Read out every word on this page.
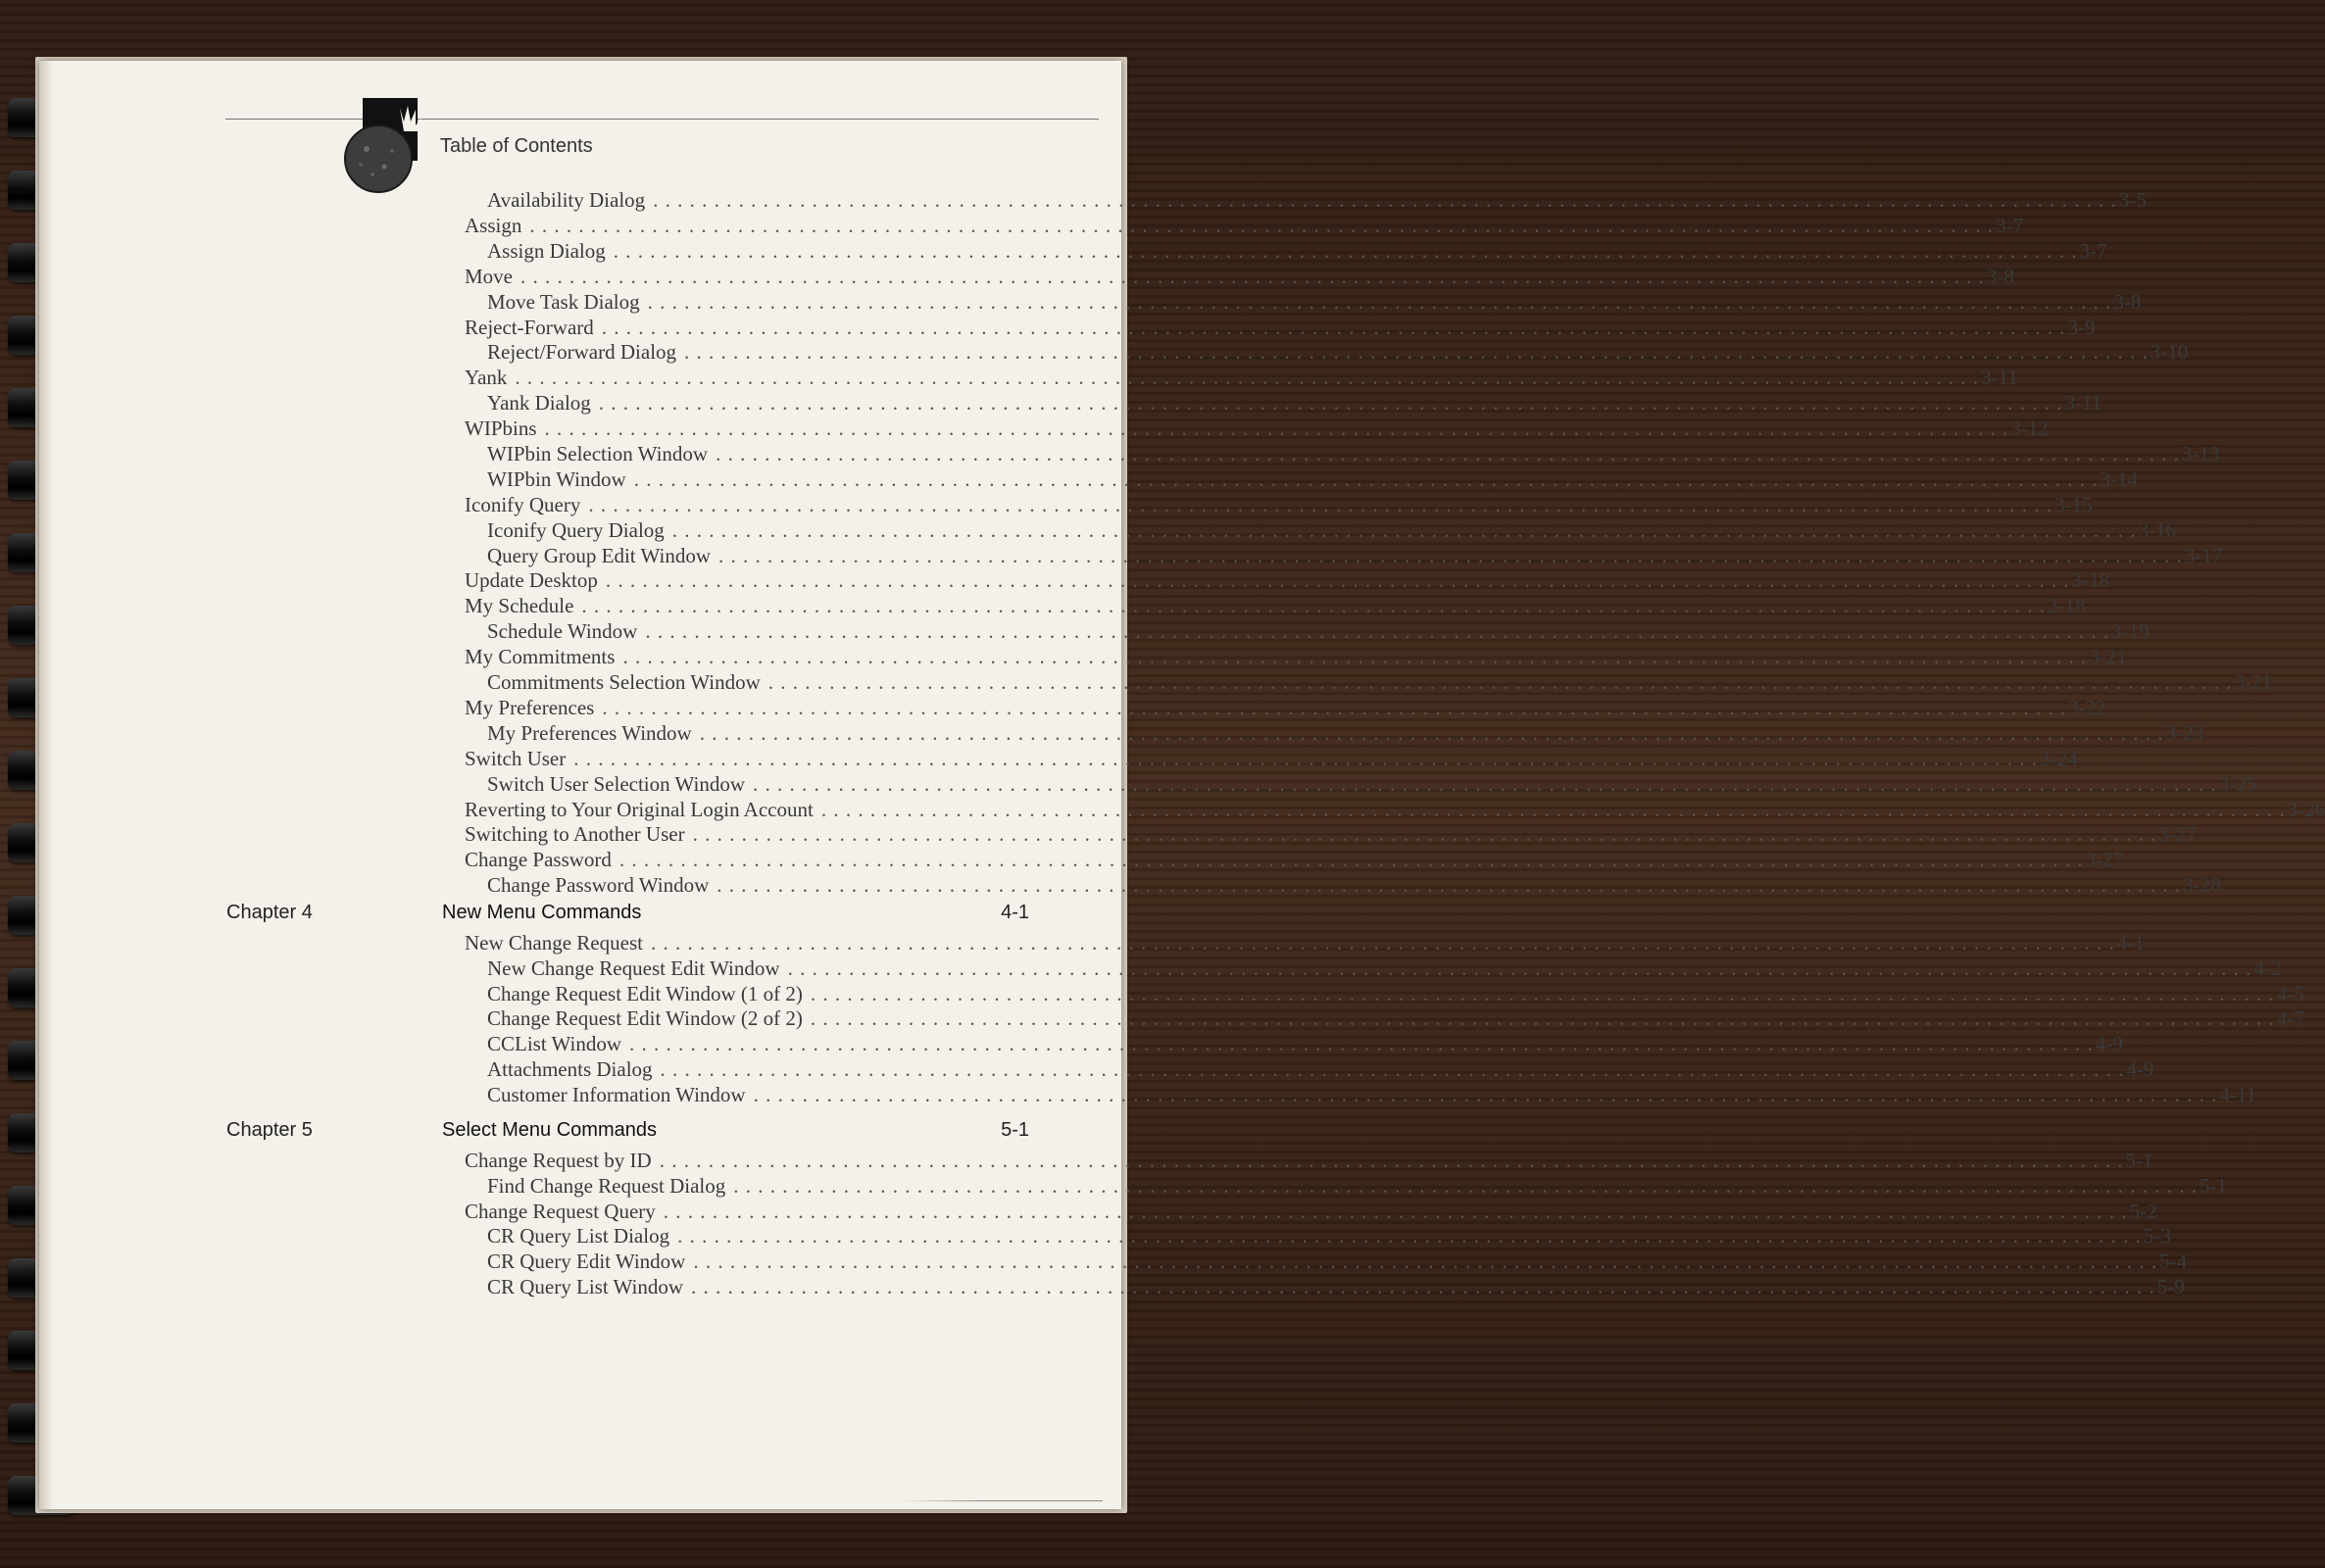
Table of Contents
Availability Dialog . . . . . . . . . . . . . . . . . . . . . . . . . . . . . . . . . . . . . . . . . . . . . . . . . . . . . . . . . . . . . . . . . . . . . . . . . . . . . . . . . . . . . . . . . . . . . . . . . . . . . . . . . . . . . . . . . . . . . . . . 3-5
Assign . . . . . . . . . . . . . . . . . . . . . . . . . . . . . . . . . . . . . . . . . . . . . . . . . . . . . . . . . . . . . . . . . . . . . . . . . . . . . . . . . . . . . . . . . . . . . . . . . . . . . . . . . . . . . . . . . . . . . . . . 3-7
Assign Dialog . . . . . . . . . . . . . . . . . . . . . . . . . . . . . . . . . . . . . . . . . . . . . . . . . . . . . . . . . . . . . . . . . . . . . . . . . . . . . . . . . . . . . . . . . . . . . . . . . . . . . . . . . . . . . . . . . . . . . . . . 3-7
Move . . . . . . . . . . . . . . . . . . . . . . . . . . . . . . . . . . . . . . . . . . . . . . . . . . . . . . . . . . . . . . . . . . . . . . . . . . . . . . . . . . . . . . . . . . . . . . . . . . . . . . . . . . . . . . . . . . . . . . . . 3-8
Move Task Dialog . . . . . . . . . . . . . . . . . . . . . . . . . . . . . . . . . . . . . . . . . . . . . . . . . . . . . . . . . . . . . . . . . . . . . . . . . . . . . . . . . . . . . . . . . . . . . . . . . . . . . . . . . . . . . . . . . . . . . . . . 3-8
Reject-Forward . . . . . . . . . . . . . . . . . . . . . . . . . . . . . . . . . . . . . . . . . . . . . . . . . . . . . . . . . . . . . . . . . . . . . . . . . . . . . . . . . . . . . . . . . . . . . . . . . . . . . . . . . . . . . . . . . . . . . . . . 3-9
Reject/Forward Dialog . . . . . . . . . . . . . . . . . . . . . . . . . . . . . . . . . . . . . . . . . . . . . . . . . . . . . . . . . . . . . . . . . . . . . . . . . . . . . . . . . . . . . . . . . . . . . . . . . . . . . . . . . . . . . . . . . . . . . . . . 3-10
Yank . . . . . . . . . . . . . . . . . . . . . . . . . . . . . . . . . . . . . . . . . . . . . . . . . . . . . . . . . . . . . . . . . . . . . . . . . . . . . . . . . . . . . . . . . . . . . . . . . . . . . . . . . . . . . . . . . . . . . . . . 3-11
Yank Dialog . . . . . . . . . . . . . . . . . . . . . . . . . . . . . . . . . . . . . . . . . . . . . . . . . . . . . . . . . . . . . . . . . . . . . . . . . . . . . . . . . . . . . . . . . . . . . . . . . . . . . . . . . . . . . . . . . . . . . . . . 3-11
WIPbins . . . . . . . . . . . . . . . . . . . . . . . . . . . . . . . . . . . . . . . . . . . . . . . . . . . . . . . . . . . . . . . . . . . . . . . . . . . . . . . . . . . . . . . . . . . . . . . . . . . . . . . . . . . . . . . . . . . . . . . . 3-12
WIPbin Selection Window . . . . . . . . . . . . . . . . . . . . . . . . . . . . . . . . . . . . . . . . . . . . . . . . . . . . . . . . . . . . . . . . . . . . . . . . . . . . . . . . . . . . . . . . . . . . . . . . . . . . . . . . . . . . . . . . . . . . . . . . 3-13
WIPbin Window . . . . . . . . . . . . . . . . . . . . . . . . . . . . . . . . . . . . . . . . . . . . . . . . . . . . . . . . . . . . . . . . . . . . . . . . . . . . . . . . . . . . . . . . . . . . . . . . . . . . . . . . . . . . . . . . . . . . . . . . 3-14
Iconify Query . . . . . . . . . . . . . . . . . . . . . . . . . . . . . . . . . . . . . . . . . . . . . . . . . . . . . . . . . . . . . . . . . . . . . . . . . . . . . . . . . . . . . . . . . . . . . . . . . . . . . . . . . . . . . . . . . . . . . . . . 3-15
Iconify Query Dialog . . . . . . . . . . . . . . . . . . . . . . . . . . . . . . . . . . . . . . . . . . . . . . . . . . . . . . . . . . . . . . . . . . . . . . . . . . . . . . . . . . . . . . . . . . . . . . . . . . . . . . . . . . . . . . . . . . . . . . . . 3-16
Query Group Edit Window . . . . . . . . . . . . . . . . . . . . . . . . . . . . . . . . . . . . . . . . . . . . . . . . . . . . . . . . . . . . . . . . . . . . . . . . . . . . . . . . . . . . . . . . . . . . . . . . . . . . . . . . . . . . . . . . . . . . . . . . 3-17
Update Desktop . . . . . . . . . . . . . . . . . . . . . . . . . . . . . . . . . . . . . . . . . . . . . . . . . . . . . . . . . . . . . . . . . . . . . . . . . . . . . . . . . . . . . . . . . . . . . . . . . . . . . . . . . . . . . . . . . . . . . . . . 3-18
My Schedule . . . . . . . . . . . . . . . . . . . . . . . . . . . . . . . . . . . . . . . . . . . . . . . . . . . . . . . . . . . . . . . . . . . . . . . . . . . . . . . . . . . . . . . . . . . . . . . . . . . . . . . . . . . . . . . . . . . . . . . . 3-18
Schedule Window . . . . . . . . . . . . . . . . . . . . . . . . . . . . . . . . . . . . . . . . . . . . . . . . . . . . . . . . . . . . . . . . . . . . . . . . . . . . . . . . . . . . . . . . . . . . . . . . . . . . . . . . . . . . . . . . . . . . . . . . 3-19
My Commitments . . . . . . . . . . . . . . . . . . . . . . . . . . . . . . . . . . . . . . . . . . . . . . . . . . . . . . . . . . . . . . . . . . . . . . . . . . . . . . . . . . . . . . . . . . . . . . . . . . . . . . . . . . . . . . . . . . . . . . . . 3-21
Commitments Selection Window . . . . . . . . . . . . . . . . . . . . . . . . . . . . . . . . . . . . . . . . . . . . . . . . . . . . . . . . . . . . . . . . . . . . . . . . . . . . . . . . . . . . . . . . . . . . . . . . . . . . . . . . . . . . . . . . . . . . . . . . 3-21
My Preferences . . . . . . . . . . . . . . . . . . . . . . . . . . . . . . . . . . . . . . . . . . . . . . . . . . . . . . . . . . . . . . . . . . . . . . . . . . . . . . . . . . . . . . . . . . . . . . . . . . . . . . . . . . . . . . . . . . . . . . . . 3-22
My Preferences Window . . . . . . . . . . . . . . . . . . . . . . . . . . . . . . . . . . . . . . . . . . . . . . . . . . . . . . . . . . . . . . . . . . . . . . . . . . . . . . . . . . . . . . . . . . . . . . . . . . . . . . . . . . . . . . . . . . . . . . . . 3-23
Switch User . . . . . . . . . . . . . . . . . . . . . . . . . . . . . . . . . . . . . . . . . . . . . . . . . . . . . . . . . . . . . . . . . . . . . . . . . . . . . . . . . . . . . . . . . . . . . . . . . . . . . . . . . . . . . . . . . . . . . . . . 3-24
Switch User Selection Window . . . . . . . . . . . . . . . . . . . . . . . . . . . . . . . . . . . . . . . . . . . . . . . . . . . . . . . . . . . . . . . . . . . . . . . . . . . . . . . . . . . . . . . . . . . . . . . . . . . . . . . . . . . . . . . . . . . . . . . . 3-25
Reverting to Your Original Login Account . . . . . . . . . . . . . . . . . . . . . . . . . . . . . . . . . . . . . . . . . . . . . . . . . . . . . . . . . . . . . . . . . . . . . . . . . . . . . . . . . . . . . . . . . . . . . . . . . . . . . . . . . . . . . . . . . . . . . . . . 3-26
Switching to Another User . . . . . . . . . . . . . . . . . . . . . . . . . . . . . . . . . . . . . . . . . . . . . . . . . . . . . . . . . . . . . . . . . . . . . . . . . . . . . . . . . . . . . . . . . . . . . . . . . . . . . . . . . . . . . . . . . . . . . . . . 3-27
Change Password . . . . . . . . . . . . . . . . . . . . . . . . . . . . . . . . . . . . . . . . . . . . . . . . . . . . . . . . . . . . . . . . . . . . . . . . . . . . . . . . . . . . . . . . . . . . . . . . . . . . . . . . . . . . . . . . . . . . . . . . 3-27
Change Password Window . . . . . . . . . . . . . . . . . . . . . . . . . . . . . . . . . . . . . . . . . . . . . . . . . . . . . . . . . . . . . . . . . . . . . . . . . . . . . . . . . . . . . . . . . . . . . . . . . . . . . . . . . . . . . . . . . . . . . . . . 3-28
Chapter 4	New Menu Commands	4-1
New Change Request . . . . . . . . . . . . . . . . . . . . . . . . . . . . . . . . . . . . . . . . . . . . . . . . . . . . . . . . . . . . . . . . . . . . . . . . . . . . . . . . . . . . . . . . . . . . . . . . . . . . . . . . . . . . . . . . . . . . . . . . 4-1
New Change Request Edit Window . . . . . . . . . . . . . . . . . . . . . . . . . . . . . . . . . . . . . . . . . . . . . . . . . . . . . . . . . . . . . . . . . . . . . . . . . . . . . . . . . . . . . . . . . . . . . . . . . . . . . . . . . . . . . . . . . . . . . . . . 4-2
Change Request Edit Window (1 of 2) . . . . . . . . . . . . . . . . . . . . . . . . . . . . . . . . . . . . . . . . . . . . . . . . . . . . . . . . . . . . . . . . . . . . . . . . . . . . . . . . . . . . . . . . . . . . . . . . . . . . . . . . . . . . . . . . . . . . . . . . 4-5
Change Request Edit Window (2 of 2) . . . . . . . . . . . . . . . . . . . . . . . . . . . . . . . . . . . . . . . . . . . . . . . . . . . . . . . . . . . . . . . . . . . . . . . . . . . . . . . . . . . . . . . . . . . . . . . . . . . . . . . . . . . . . . . . . . . . . . . . 4-7
CCList Window . . . . . . . . . . . . . . . . . . . . . . . . . . . . . . . . . . . . . . . . . . . . . . . . . . . . . . . . . . . . . . . . . . . . . . . . . . . . . . . . . . . . . . . . . . . . . . . . . . . . . . . . . . . . . . . . . . . . . . . . 4-9
Attachments Dialog . . . . . . . . . . . . . . . . . . . . . . . . . . . . . . . . . . . . . . . . . . . . . . . . . . . . . . . . . . . . . . . . . . . . . . . . . . . . . . . . . . . . . . . . . . . . . . . . . . . . . . . . . . . . . . . . . . . . . . . . 4-9
Customer Information Window . . . . . . . . . . . . . . . . . . . . . . . . . . . . . . . . . . . . . . . . . . . . . . . . . . . . . . . . . . . . . . . . . . . . . . . . . . . . . . . . . . . . . . . . . . . . . . . . . . . . . . . . . . . . . . . . . . . . . . . . 4-11
Chapter 5	Select Menu Commands	5-1
Change Request by ID . . . . . . . . . . . . . . . . . . . . . . . . . . . . . . . . . . . . . . . . . . . . . . . . . . . . . . . . . . . . . . . . . . . . . . . . . . . . . . . . . . . . . . . . . . . . . . . . . . . . . . . . . . . . . . . . . . . . . . . . 5-1
Find Change Request Dialog . . . . . . . . . . . . . . . . . . . . . . . . . . . . . . . . . . . . . . . . . . . . . . . . . . . . . . . . . . . . . . . . . . . . . . . . . . . . . . . . . . . . . . . . . . . . . . . . . . . . . . . . . . . . . . . . . . . . . . . . 5-1
Change Request Query . . . . . . . . . . . . . . . . . . . . . . . . . . . . . . . . . . . . . . . . . . . . . . . . . . . . . . . . . . . . . . . . . . . . . . . . . . . . . . . . . . . . . . . . . . . . . . . . . . . . . . . . . . . . . . . . . . . . . . . . 5-2
CR Query List Dialog . . . . . . . . . . . . . . . . . . . . . . . . . . . . . . . . . . . . . . . . . . . . . . . . . . . . . . . . . . . . . . . . . . . . . . . . . . . . . . . . . . . . . . . . . . . . . . . . . . . . . . . . . . . . . . . . . . . . . . . . 5-3
CR Query Edit Window . . . . . . . . . . . . . . . . . . . . . . . . . . . . . . . . . . . . . . . . . . . . . . . . . . . . . . . . . . . . . . . . . . . . . . . . . . . . . . . . . . . . . . . . . . . . . . . . . . . . . . . . . . . . . . . . . . . . . . . . 5-4
CR Query List Window . . . . . . . . . . . . . . . . . . . . . . . . . . . . . . . . . . . . . . . . . . . . . . . . . . . . . . . . . . . . . . . . . . . . . . . . . . . . . . . . . . . . . . . . . . . . . . . . . . . . . . . . . . . . . . . . . . . . . . . . 5-9
